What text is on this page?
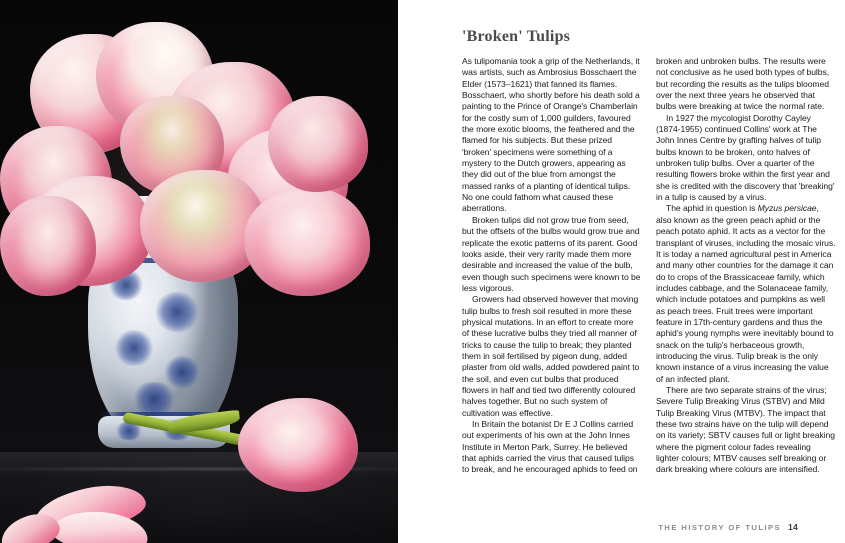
'Broken' Tulips

As tulipomania took a grip of the Netherlands, it was artists, such as Ambrosius Bosschaert the Elder (1573–1621) that fanned its flames. Bosschaert, who shortly before his death sold a painting to the Prince of Orange's Chamberlain for the costly sum of 1,000 guilders, favoured the more exotic blooms, the feathered and the flamed for his subjects. But these prized 'broken' specimens were something of a mystery to the Dutch growers, appearing as they did out of the blue from amongst the massed ranks of a planting of identical tulips. No one could fathom what caused these aberrations.

Broken tulips did not grow true from seed, but the offsets of the bulbs would grow true and replicate the exotic patterns of its parent. Good looks aside, their very rarity made them more desirable and increased the value of the bulb, even though such specimens were known to be less vigorous.

Growers had observed however that moving tulip bulbs to fresh soil resulted in more these physical mutations. In an effort to create more of these lucrative bulbs they tried all manner of tricks to cause the tulip to break; they planted them in soil fertilised by pigeon dung, added plaster from old walls, added powdered paint to the soil, and even cut bulbs that produced flowers in half and tied two differently coloured halves together. But no such system of cultivation was effective.

In Britain the botanist Dr E J Collins carried out experiments of his own at the John Innes Institute in Merton Park, Surrey. He believed that aphids carried the virus that caused tulips to break, and he encouraged aphids to feed on

broken and unbroken bulbs. The results were not conclusive as he used both types of bulbs, but recording the results as the tulips bloomed over the next three years he observed that bulbs were breaking at twice the normal rate.

In 1927 the mycologist Dorothy Cayley (1874-1955) continued Collins' work at The John Innes Centre by grafting halves of tulip bulbs known to be broken, onto halves of unbroken tulip bulbs. Over a quarter of the resulting flowers broke within the first year and she is credited with the discovery that 'breaking' in a tulip is caused by a virus.

The aphid in question is Myzus persicae, also known as the green peach aphid or the peach potato aphid. It acts as a vector for the transplant of viruses, including the mosaic virus. It is today a named agricultural pest in America and many other countries for the damage it can do to crops of the Brassicaceae family, which includes cabbage, and the Solanaceae family, which include potatoes and pumpkins as well as peach trees. Fruit trees were important feature in 17th-century gardens and thus the aphid's young nymphs were inevitably bound to snack on the tulip's herbaceous growth, introducing the virus. Tulip break is the only known instance of a virus increasing the value of an infected plant.

There are two separate strains of the virus; Severe Tulip Breaking Virus (STBV) and Mild Tulip Breaking Virus (MTBV). The impact that these two strains have on the tulip will depend on its variety; SBTV causes full or light breaking where the pigment colour fades revealing lighter colours; MTBV causes self breaking or dark breaking where colours are intensified.

THE HISTORY OF TULIPS 14
